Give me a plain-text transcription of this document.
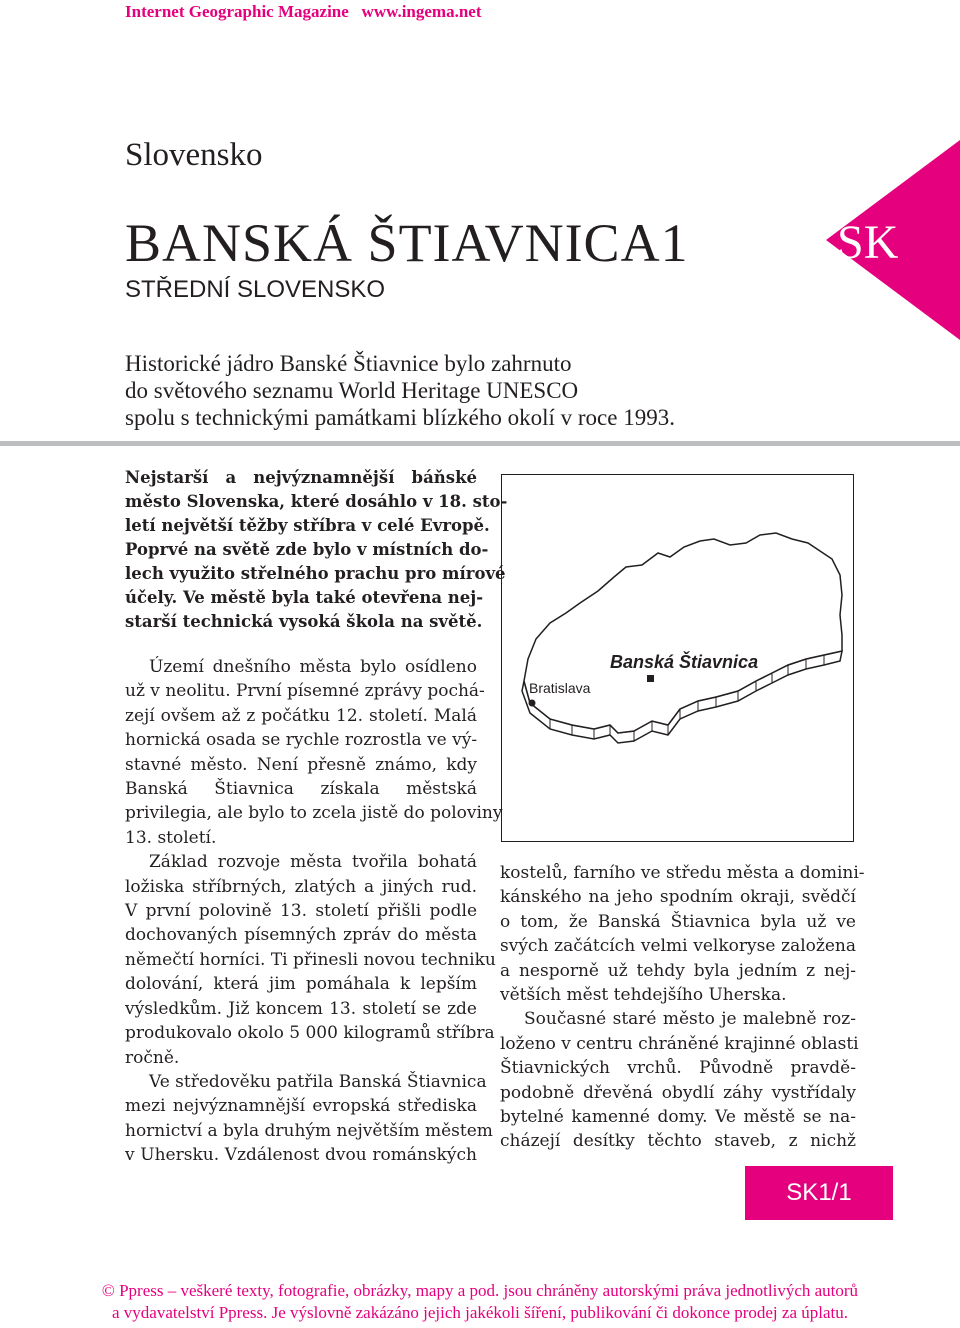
Internet Geographic Magazine www.ingema.net
Slovensko
BANSKÁ ŠTIAVNICA1
STŘEDNÍ SLOVENSKO
SK
Historické jádro Banské Štiavnice bylo zahrnuto
do světového seznamu World Heritage UNESCO
spolu s technickými památkami blízkého okolí v roce 1993.
Nejstarší a nejvýznamnější báňské
město Slovenska, které dosáhlo v 18. sto-
letí největší těžby stříbra v celé Evropě.
Poprvé na světě zde bylo v místních do-
lech využito střelného prachu pro mírové
účely. Ve městě byla také otevřena nej-
starší technická vysoká škola na světě.
Území dnešního města bylo osídleno
už v neolitu. První písemné zprávy pochá-
zejí ovšem až z počátku 12. století. Malá
hornická osada se rychle rozrostla ve vý-
stavné město. Není přesně známo, kdy
Banská Štiavnica získala městská
privilegia, ale bylo to zcela jistě do poloviny
13. století.
Základ rozvoje města tvořila bohatá
ložiska stříbrných, zlatých a jiných rud.
V první polovině 13. století přišli podle
dochovaných písemných zpráv do města
němečtí horníci. Ti přinesli novou techniku
dolování, která jim pomáhala k lepším
výsledkům. Již koncem 13. století se zde
produkovalo okolo 5 000 kilogramů stříbra
ročně.
Ve středověku patřila Banská Štiavnica
mezi nejvýznamnější evropská střediska
hornictví a byla druhým největším městem
v Uhersku. Vzdálenost dvou románských
Bratislava
Banská Štiavnica
kostelů, farního ve středu města a domini-
kánského na jeho spodním okraji, svědčí
o tom, že Banská Štiavnica byla už ve
svých začátcích velmi velkoryse založena
a nesporně už tehdy byla jedním z nej-
větších měst tehdejšího Uherska.
Současné staré město je malebně roz-
loženo v centru chráněné krajinné oblasti
Štiavnických vrchů. Původně pravdě-
podobně dřevěná obydlí záhy vystřídaly
bytelné kamenné domy. Ve městě se na-
cházejí desítky těchto staveb, z nichž
SK1/1
© Ppress – veškeré texty, fotografie, obrázky, mapy a pod. jsou chráněny autorskými práva jednotlivých autorů
a vydavatelství Ppress. Je výslovně zakázáno jejich jakékoli šíření, publikování či dokonce prodej za úplatu.
